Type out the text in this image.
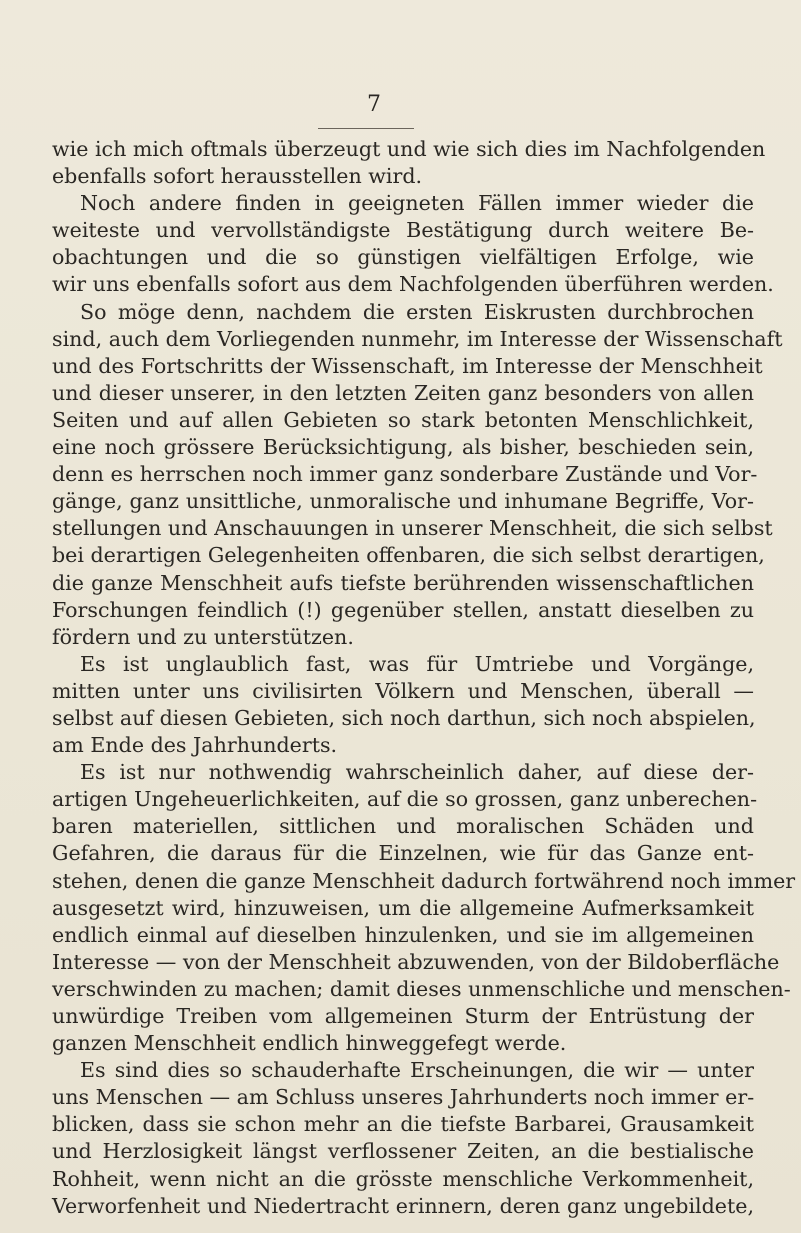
7
wie ich mich oftmals überzeugt und wie sich dies im Nachfolgenden
ebenfalls sofort herausstellen wird.
Noch andere finden in geeigneten Fällen immer wieder die
weiteste und vervollständigste Bestätigung durch weitere Be-
obachtungen und die so günstigen vielfältigen Erfolge, wie
wir uns ebenfalls sofort aus dem Nachfolgenden überführen werden.
So möge denn, nachdem die ersten Eiskrusten durchbrochen
sind, auch dem Vorliegenden nunmehr, im Interesse der Wissenschaft
und des Fortschritts der Wissenschaft, im Interesse der Menschheit
und dieser unserer, in den letzten Zeiten ganz besonders von allen
Seiten und auf allen Gebieten so stark betonten Menschlichkeit,
eine noch grössere Berücksichtigung, als bisher, beschieden sein,
denn es herrschen noch immer ganz sonderbare Zustände und Vor-
gänge, ganz unsittliche, unmoralische und inhumane Begriffe, Vor-
stellungen und Anschauungen in unserer Menschheit, die sich selbst
bei derartigen Gelegenheiten offenbaren, die sich selbst derartigen,
die ganze Menschheit aufs tiefste berührenden wissenschaftlichen
Forschungen feindlich (!) gegenüber stellen, anstatt dieselben zu
fördern und zu unterstützen.
Es ist unglaublich fast, was für Umtriebe und Vorgänge,
mitten unter uns civilisirten Völkern und Menschen, überall —
selbst auf diesen Gebieten, sich noch darthun, sich noch abspielen,
am Ende des Jahrhunderts.
Es ist nur nothwendig wahrscheinlich daher, auf diese der-
artigen Ungeheuerlichkeiten, auf die so grossen, ganz unberechen-
baren materiellen, sittlichen und moralischen Schäden und
Gefahren, die daraus für die Einzelnen, wie für das Ganze ent-
stehen, denen die ganze Menschheit dadurch fortwährend noch immer
ausgesetzt wird, hinzuweisen, um die allgemeine Aufmerksamkeit
endlich einmal auf dieselben hinzulenken, und sie im allgemeinen
Interesse — von der Menschheit abzuwenden, von der Bildoberfläche
verschwinden zu machen; damit dieses unmenschliche und menschen-
unwürdige Treiben vom allgemeinen Sturm der Entrüstung der
ganzen Menschheit endlich hinweggefegt werde.
Es sind dies so schauderhafte Erscheinungen, die wir — unter
uns Menschen — am Schluss unseres Jahrhunderts noch immer er-
blicken, dass sie schon mehr an die tiefste Barbarei, Grausamkeit
und Herzlosigkeit längst verflossener Zeiten, an die bestialische
Rohheit, wenn nicht an die grösste menschliche Verkommenheit,
Verworfenheit und Niedertracht erinnern, deren ganz ungebildete,
